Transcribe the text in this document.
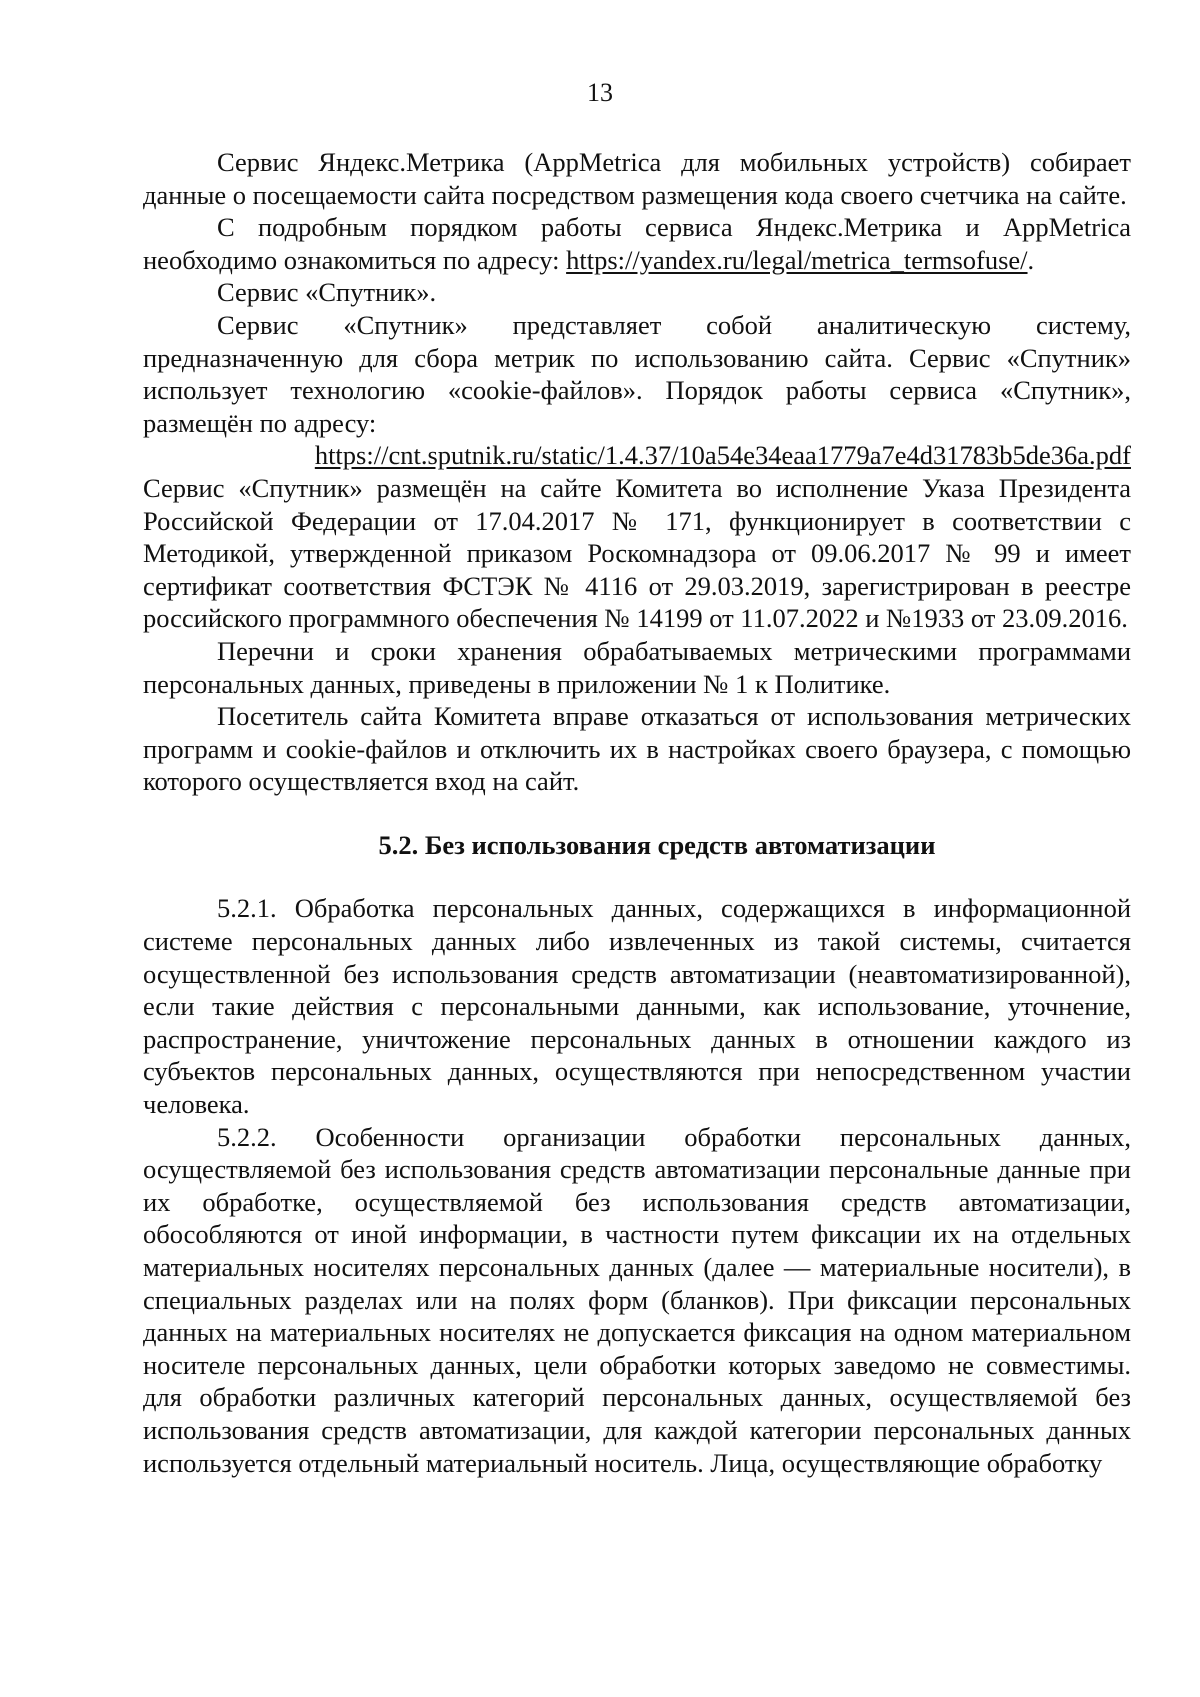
13

Сервис Яндекс.Метрика (AppMetrica для мобильных устройств) собирает данные о посещаемости сайта посредством размещения кода своего счетчика на сайте.

С подробным порядком работы сервиса Яндекс.Метрика и AppMetrica необходимо ознакомиться по адресу: https://yandex.ru/legal/metrica_termsofuse/.

Сервис «Спутник».

Сервис «Спутник» представляет собой аналитическую систему, предназначенную для сбора метрик по использованию сайта. Сервис «Спутник» использует технологию «cookie-файлов». Порядок работы сервиса «Спутник», размещён по адресу:

https://cnt.sputnik.ru/static/1.4.37/10a54e34eaa1779a7e4d31783b5de36a.pdf

Сервис «Спутник» размещён на сайте Комитета во исполнение Указа Президента Российской Федерации от 17.04.2017 № 171, функционирует в соответствии с Методикой, утвержденной приказом Роскомнадзора от 09.06.2017 № 99 и имеет сертификат соответствия ФСТЭК № 4116 от 29.03.2019, зарегистрирован в реестре российского программного обеспечения № 14199 от 11.07.2022 и №1933 от 23.09.2016.

Перечни и сроки хранения обрабатываемых метрическими программами персональных данных, приведены в приложении № 1 к Политике.

Посетитель сайта Комитета вправе отказаться от использования метрических программ и cookie-файлов и отключить их в настройках своего браузера, с помощью которого осуществляется вход на сайт.

5.2. Без использования средств автоматизации

5.2.1. Обработка персональных данных, содержащихся в информационной системе персональных данных либо извлеченных из такой системы, считается осуществленной без использования средств автоматизации (неавтоматизированной), если такие действия с персональными данными, как использование, уточнение, распространение, уничтожение персональных данных в отношении каждого из субъектов персональных данных, осуществляются при непосредственном участии человека.

5.2.2. Особенности организации обработки персональных данных, осуществляемой без использования средств автоматизации персональные данные при их обработке, осуществляемой без использования средств автоматизации, обособляются от иной информации, в частности путем фиксации их на отдельных материальных носителях персональных данных (далее — материальные носители), в специальных разделах или на полях форм (бланков). При фиксации персональных данных на материальных носителях не допускается фиксация на одном материальном носителе персональных данных, цели обработки которых заведомо не совместимы. для обработки различных категорий персональных данных, осуществляемой без использования средств автоматизации, для каждой категории персональных данных используется отдельный материальный носитель. Лица, осуществляющие обработку
